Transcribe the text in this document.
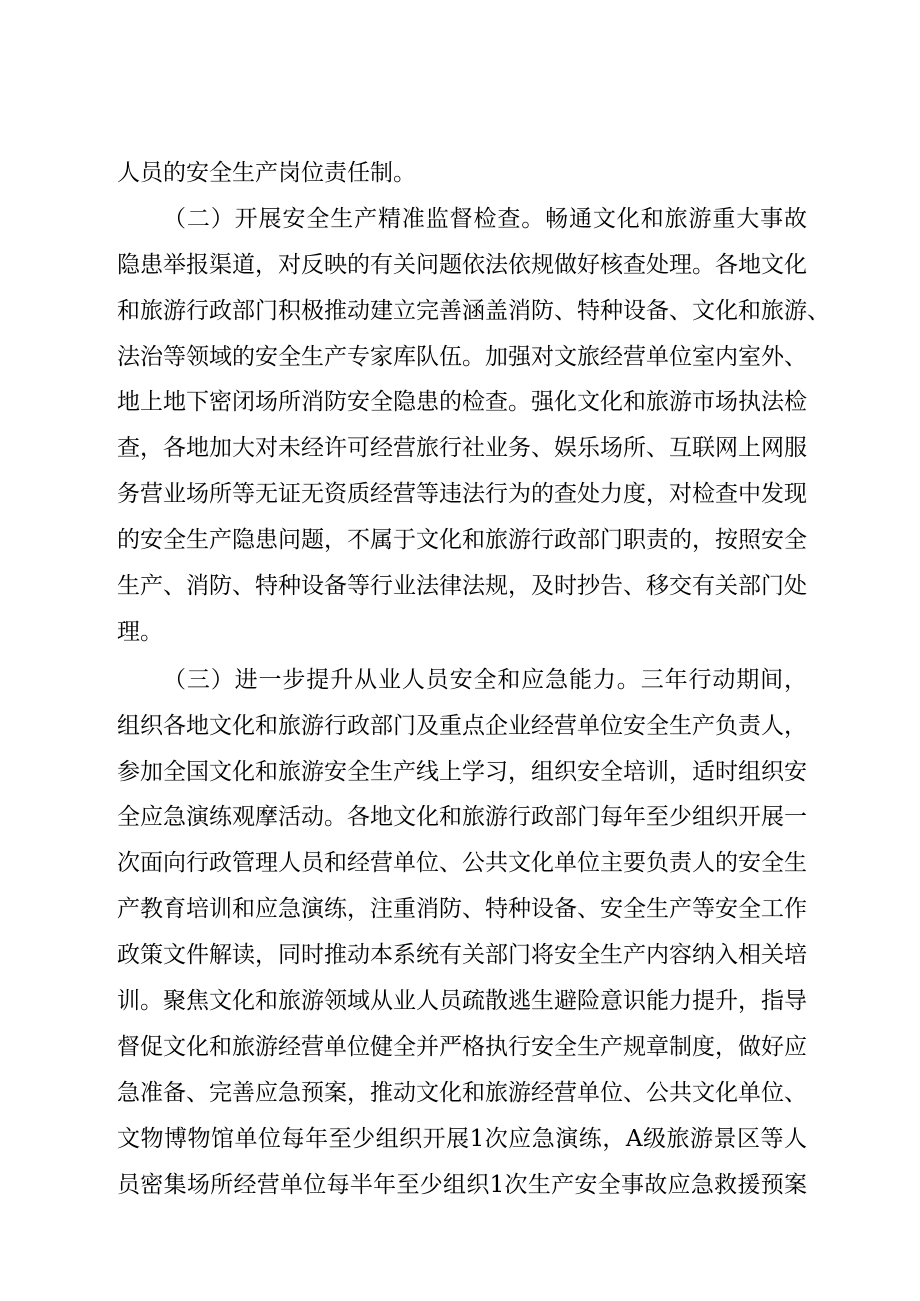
人员的安全生产岗位责任制。
（二）开展安全生产精准监督检查。畅通文化和旅游重大事故
隐患举报渠道，对反映的有关问题依法依规做好核查处理。各地文化
和旅游行政部门积极推动建立完善涵盖消防、特种设备、文化和旅游、
法治等领域的安全生产专家库队伍。加强对文旅经营单位室内室外、
地上地下密闭场所消防安全隐患的检查。强化文化和旅游市场执法检
查，各地加大对未经许可经营旅行社业务、娱乐场所、互联网上网服
务营业场所等无证无资质经营等违法行为的查处力度，对检查中发现
的安全生产隐患问题，不属于文化和旅游行政部门职责的，按照安全
生产、消防、特种设备等行业法律法规，及时抄告、移交有关部门处
理。
（三）进一步提升从业人员安全和应急能力。三年行动期间，
组织各地文化和旅游行政部门及重点企业经营单位安全生产负责人，
参加全国文化和旅游安全生产线上学习，组织安全培训，适时组织安
全应急演练观摩活动。各地文化和旅游行政部门每年至少组织开展一
次面向行政管理人员和经营单位、公共文化单位主要负责人的安全生
产教育培训和应急演练，注重消防、特种设备、安全生产等安全工作
政策文件解读，同时推动本系统有关部门将安全生产内容纳入相关培
训。聚焦文化和旅游领域从业人员疏散逃生避险意识能力提升，指导
督促文化和旅游经营单位健全并严格执行安全生产规章制度，做好应
急准备、完善应急预案，推动文化和旅游经营单位、公共文化单位、
文物博物馆单位每年至少组织开展1次应急演练，A级旅游景区等人
员密集场所经营单位每半年至少组织1次生产安全事故应急救援预案
